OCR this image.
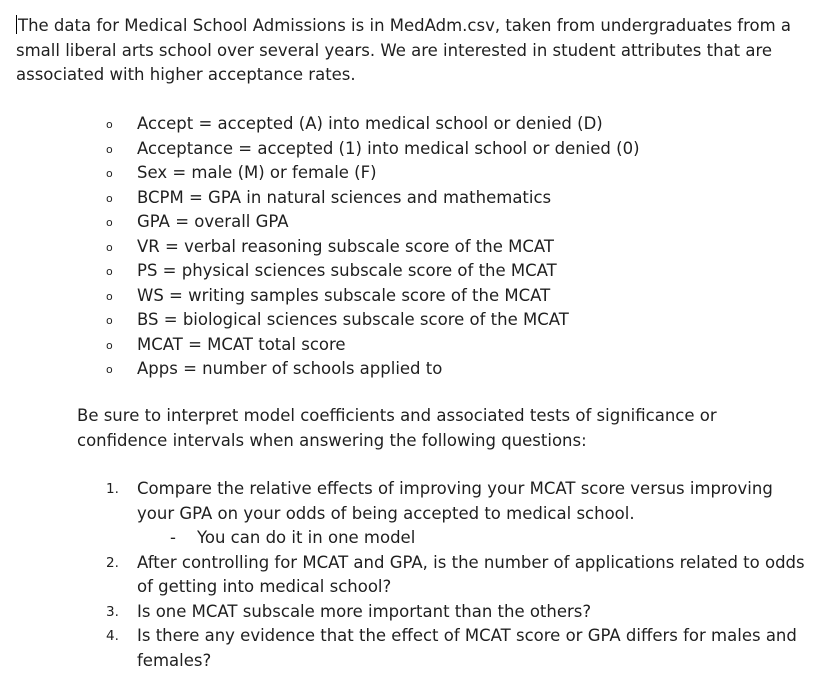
The data for Medical School Admissions is in MedAdm.csv, taken from undergraduates from a small liberal arts school over several years. We are interested in student attributes that are associated with higher acceptance rates.

o Accept = accepted (A) into medical school or denied (D)
o Acceptance = accepted (1) into medical school or denied (0)
o Sex = male (M) or female (F)
o BCPM = GPA in natural sciences and mathematics
o GPA = overall GPA
o VR = verbal reasoning subscale score of the MCAT
o PS = physical sciences subscale score of the MCAT
o WS = writing samples subscale score of the MCAT
o BS = biological sciences subscale score of the MCAT
o MCAT = MCAT total score
o Apps = number of schools applied to

Be sure to interpret model coefficients and associated tests of significance or confidence intervals when answering the following questions:

1. Compare the relative effects of improving your MCAT score versus improving your GPA on your odds of being accepted to medical school.
- You can do it in one model
2. After controlling for MCAT and GPA, is the number of applications related to odds of getting into medical school?
3. Is one MCAT subscale more important than the others?
4. Is there any evidence that the effect of MCAT score or GPA differs for males and females?
